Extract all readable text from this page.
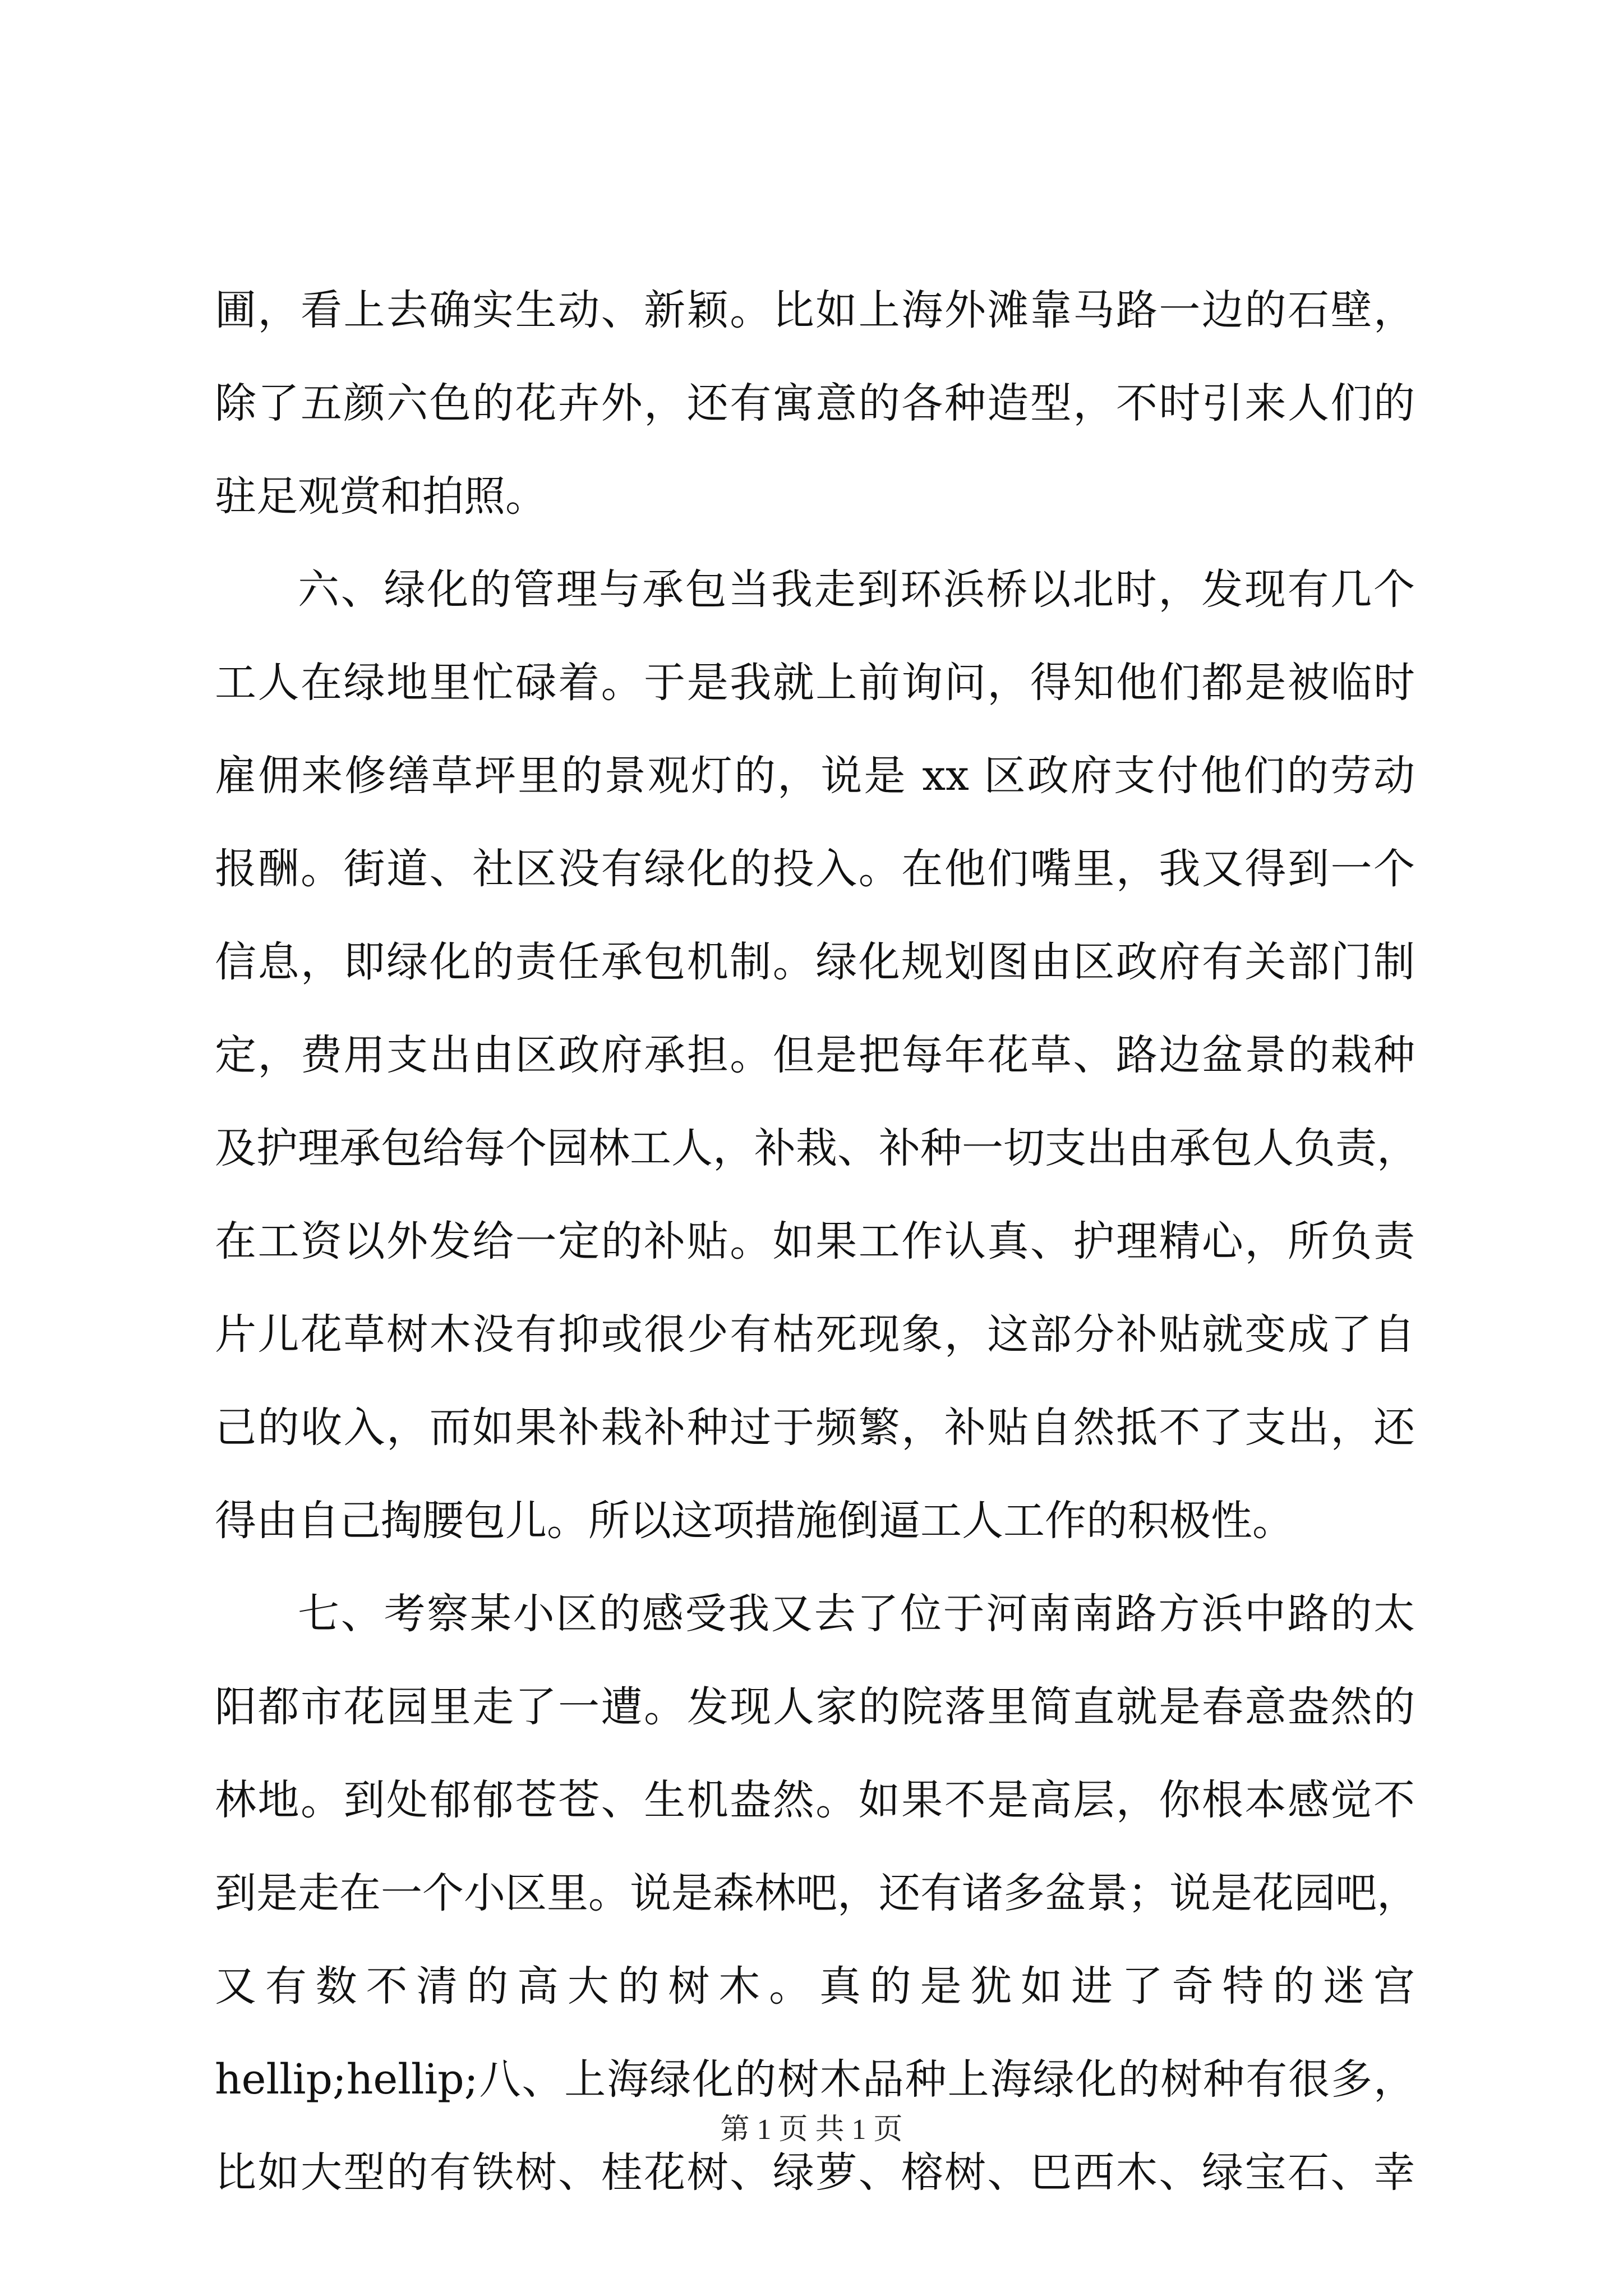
圃，看上去确实生动、新颖。比如上海外滩靠马路一边的石壁，
除了五颜六色的花卉外，还有寓意的各种造型，不时引来人们的
驻足观赏和拍照。
六、绿化的管理与承包当我走到环浜桥以北时，发现有几个
工人在绿地里忙碌着。于是我就上前询问，得知他们都是被临时
雇佣来修缮草坪里的景观灯的，说是 xx 区政府支付他们的劳动
报酬。街道、社区没有绿化的投入。在他们嘴里，我又得到一个
信息，即绿化的责任承包机制。绿化规划图由区政府有关部门制
定，费用支出由区政府承担。但是把每年花草、路边盆景的栽种
及护理承包给每个园林工人，补栽、补种一切支出由承包人负责，
在工资以外发给一定的补贴。如果工作认真、护理精心，所负责
片儿花草树木没有抑或很少有枯死现象，这部分补贴就变成了自
己的收入，而如果补栽补种过于频繁，补贴自然抵不了支出，还
得由自己掏腰包儿。所以这项措施倒逼工人工作的积极性。
七、考察某小区的感受我又去了位于河南南路方浜中路的太
阳都市花园里走了一遭。发现人家的院落里简直就是春意盎然的
林地。到处郁郁苍苍、生机盎然。如果不是高层，你根本感觉不
到是走在一个小区里。说是森林吧，还有诸多盆景；说是花园吧，
又有数不清的高大的树木。真的是犹如进了奇特的迷宫
hellip;hellip;八、上海绿化的树木品种上海绿化的树种有很多，
比如大型的有铁树、桂花树、绿萝、榕树、巴西木、绿宝石、幸
第 1 页 共 1 页
